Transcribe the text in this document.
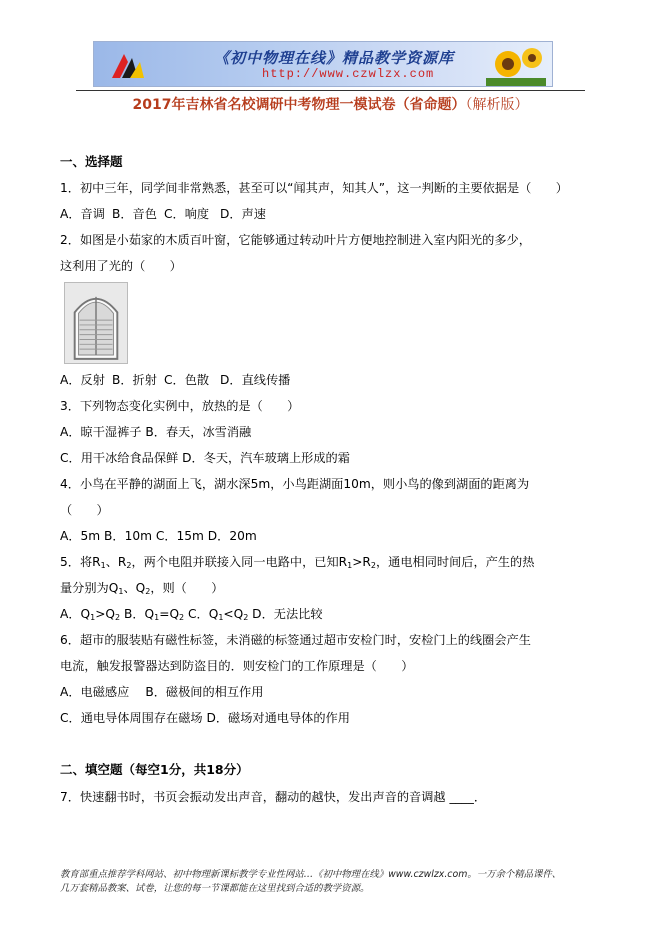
《初中物理在线》精品教学资源库
http://www.czwlzx.com
2017年吉林省名校调研中考物理一模试卷（省命题）（解析版）
一、选择题
1．初中三年，同学间非常熟悉，甚至可以“闻其声，知其人”，这一判断的主要依据是（　　）
A．音调 B．音色 C．响度 D．声速
2．如图是小茹家的木质百叶窗，它能够通过转动叶片方便地控制进入室内阳光的多少，
这利用了光的（　　）
A．反射 B．折射 C．色散 D．直线传播
3．下列物态变化实例中，放热的是（　　）
A．晾干湿裤子 B．春天，冰雪消融
C．用干冰给食品保鲜 D．冬天，汽车玻璃上形成的霜
4．小鸟在平静的湖面上飞，湖水深5m，小鸟距湖面10m，则小鸟的像到湖面的距离为
（　　）
A．5m B．10m C．15m D．20m
5．将$R_1$、$R_2$，两个电阻并联接入同一电路中，已知$R_1>R_2$，通电相同时间后，产生的热
量分别为$Q_1$、$Q_2$，则（　　）
A．$Q_1>Q_2$ B．$Q_1=Q_2$ C．$Q_1<Q_2$ D．无法比较
6．超市的服装贴有磁性标签，未消磁的标签通过超市安检门时，安检门上的线圈会产生
电流，触发报警器达到防盗目的．则安检门的工作原理是（　　）
A．电磁感应　 B．磁极间的相互作用
C．通电导体周围存在磁场 D．磁场对通电导体的作用
二、填空题（每空1分，共18分）
7．快速翻书时，书页会振动发出声音，翻动的越快，发出声音的音调越 ____．
教育部重点推荐学科网站、初中物理新课标教学专业性网站…《初中物理在线》www.czwlzx.com。一万余个精品课件、
几万套精品教案、试卷，让您的每一节课都能在这里找到合适的教学资源。
